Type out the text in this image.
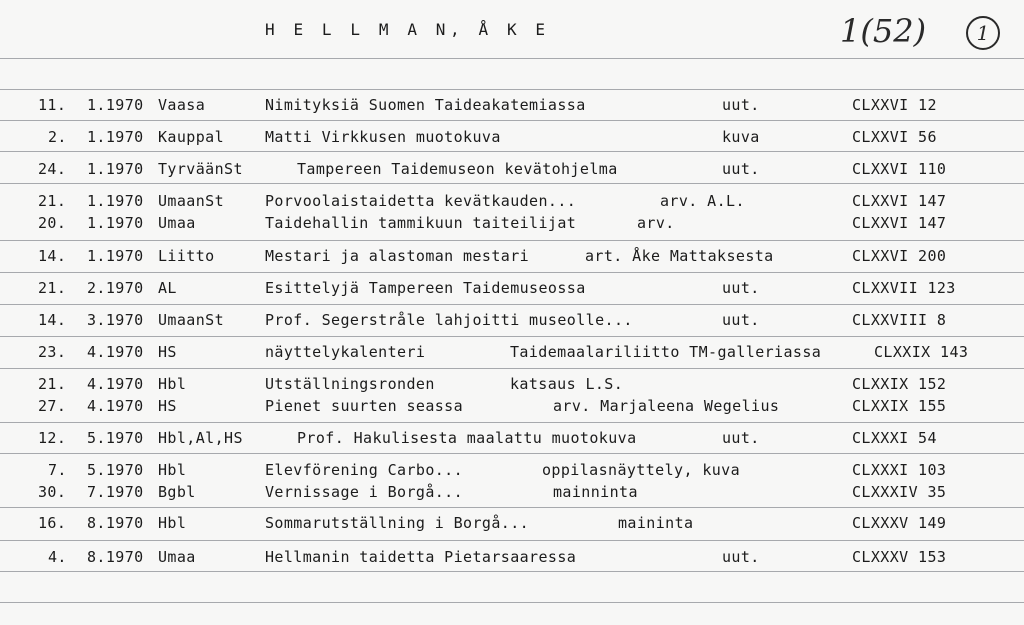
H E L L M A N, Å K E	1(52)	1
11. 1.1970 Vaasa	Nimityksiä Suomen Taideakatemiassa	uut.	CLXXVI 12
2. 1.1970 Kauppal	Matti Virkkusen muotokuva	kuva	CLXXVI 56
24. 1.1970 TyrväänSt	Tampereen Taidemuseon kevätohjelma	uut.	CLXXVI 110
21. 1.1970 UmaanSt	Porvoolaistaidetta kevätkauden...	arv. A.L.	CLXXVI 147
20. 1.1970 Umaa	Taidehallin tammikuun taiteilijat	arv.	CLXXVI 147
14. 1.1970 Liitto	Mestari ja alastoman mestari	art. Åke Mattaksesta	CLXXVI 200
21. 2.1970 AL	Esittelyjä Tampereen Taidemuseossa	uut.	CLXXVII 123
14. 3.1970 UmaanSt	Prof. Segerstråle lahjoitti museolle...	uut.	CLXXVIII 8
23. 4.1970 HS	näyttelykalenteri	Taidemaalariliitto TM-galleriassa	CLXXIX 143
21. 4.1970 Hbl	Utställningsronden	katsaus L.S.	CLXXIX 152
27. 4.1970 HS	Pienet suurten seassa	arv. Marjaleena Wegelius	CLXXIX 155
12. 5.1970 Hbl,Al,HS	Prof. Hakulisesta maalattu muotokuva	uut.	CLXXXI 54
7. 5.1970 Hbl	Elevförening Carbo...	oppilasnäyttely, kuva	CLXXXI 103
30. 7.1970 Bgbl	Vernissage i Borgå...	mainninta	CLXXXIV 35
16. 8.1970 Hbl	Sommarutställning i Borgå...	maininta	CLXXXV 149
4. 8.1970 Umaa	Hellmanin taidetta Pietarsaaressa	uut.	CLXXXV 153
